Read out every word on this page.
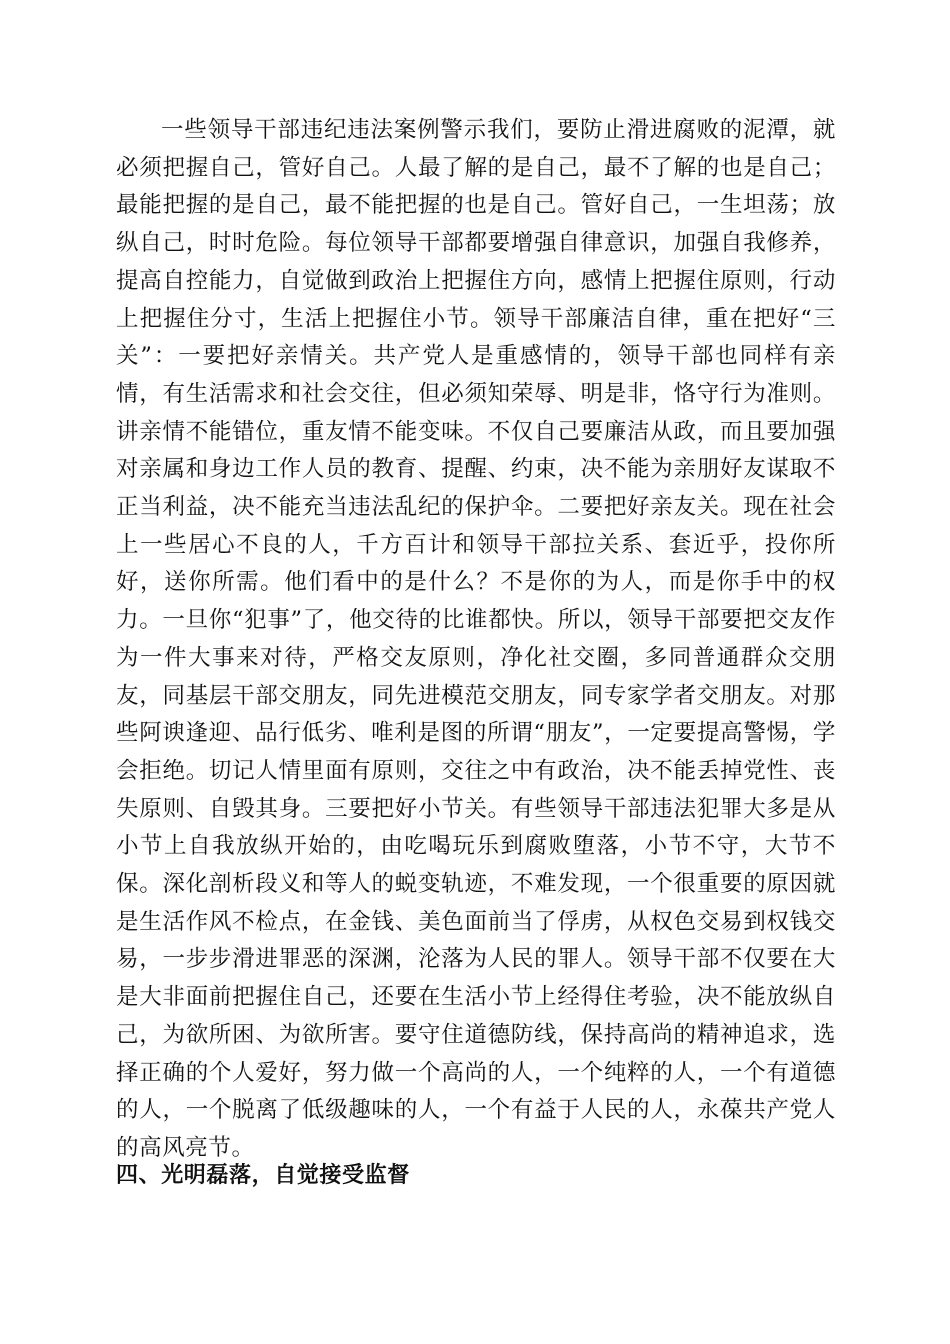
一些领导干部违纪违法案例警示我们，要防止滑进腐败的泥潭，就必须把握自己，管好自己。人最了解的是自己，最不了解的也是自己；最能把握的是自己，最不能把握的也是自己。管好自己，一生坦荡；放纵自己，时时危险。每位领导干部都要增强自律意识，加强自我修养，提高自控能力，自觉做到政治上把握住方向，感情上把握住原则，行动上把握住分寸，生活上把握住小节。领导干部廉洁自律，重在把好“三关”：一要把好亲情关。共产党人是重感情的，领导干部也同样有亲情，有生活需求和社会交往，但必须知荣辱、明是非，恪守行为准则。讲亲情不能错位，重友情不能变味。不仅自己要廉洁从政，而且要加强对亲属和身边工作人员的教育、提醒、约束，决不能为亲朋好友谋取不正当利益，决不能充当违法乱纪的保护伞。二要把好亲友关。现在社会上一些居心不良的人，千方百计和领导干部拉关系、套近乎，投你所好，送你所需。他们看中的是什么？不是你的为人，而是你手中的权力。一旦你“犯事”了，他交待的比谁都快。所以，领导干部要把交友作为一件大事来对待，严格交友原则，净化社交圈，多同普通群众交朋友，同基层干部交朋友，同先进模范交朋友，同专家学者交朋友。对那些阿谀逢迎、品行低劣、唯利是图的所谓“朋友”，一定要提高警惕，学会拒绝。切记人情里面有原则，交往之中有政治，决不能丢掉党性、丧失原则、自毁其身。三要把好小节关。有些领导干部违法犯罪大多是从小节上自我放纵开始的，由吃喝玩乐到腐败堕落，小节不守，大节不保。深化剖析段义和等人的蜕变轨迹，不难发现，一个很重要的原因就是生活作风不检点，在金钱、美色面前当了俘虏，从权色交易到权钱交易，一步步滑进罪恶的深渊，沦落为人民的罪人。领导干部不仅要在大是大非面前把握住自己，还要在生活小节上经得住考验，决不能放纵自己，为欲所困、为欲所害。要守住道德防线，保持高尚的精神追求，选择正确的个人爱好，努力做一个高尚的人，一个纯粹的人，一个有道德的人，一个脱离了低级趣味的人，一个有益于人民的人，永葆共产党人的高风亮节。

四、光明磊落，自觉接受监督
